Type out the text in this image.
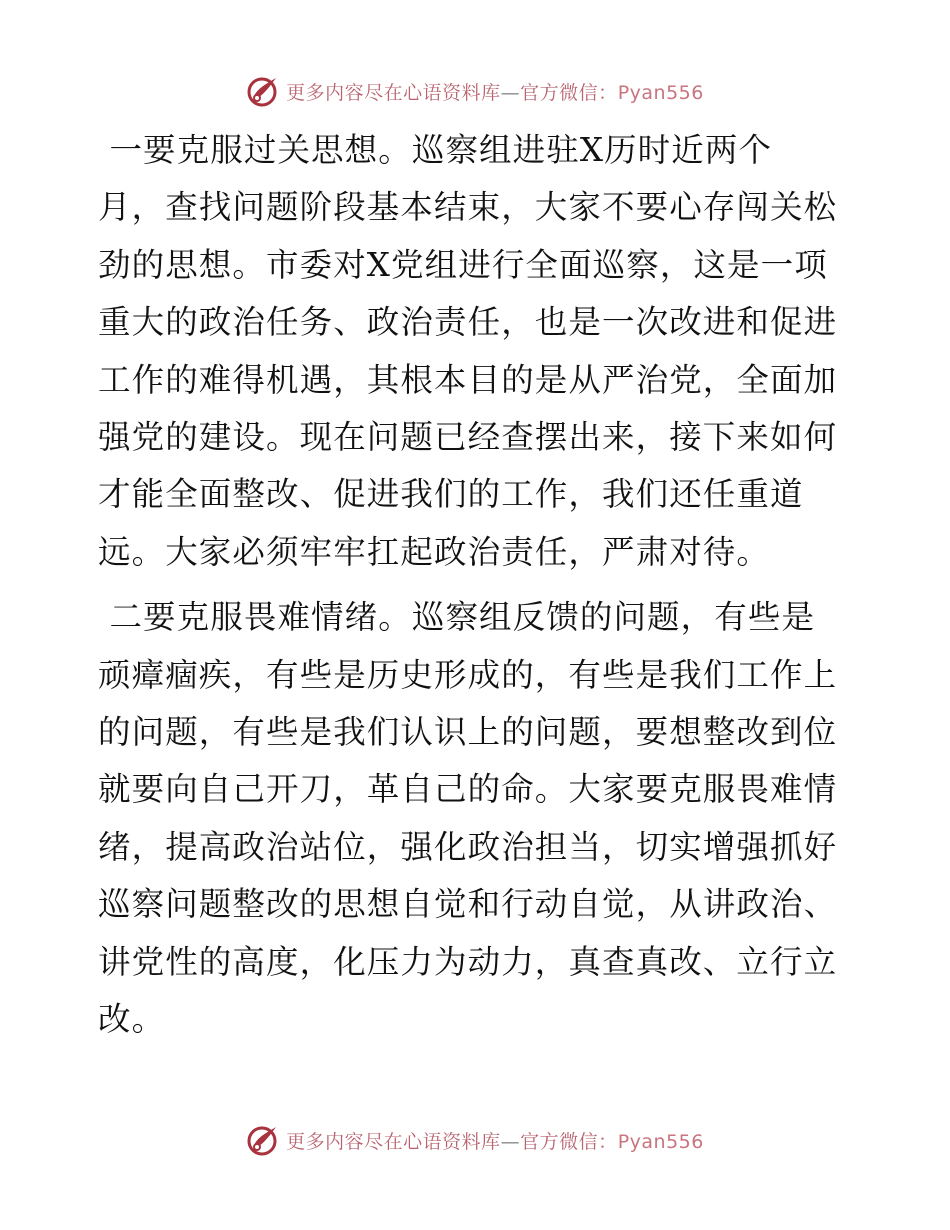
更多内容尽在心语资料库—官方微信：Pyan556

一要克服过关思想。巡察组进驻X历时近两个
月，查找问题阶段基本结束，大家不要心存闯关松
劲的思想。市委对X党组进行全面巡察，这是一项
重大的政治任务、政治责任，也是一次改进和促进
工作的难得机遇，其根本目的是从严治党，全面加
强党的建设。现在问题已经查摆出来，接下来如何
才能全面整改、促进我们的工作，我们还任重道
远。大家必须牢牢扛起政治责任，严肃对待。

二要克服畏难情绪。巡察组反馈的问题，有些是
顽瘴痼疾，有些是历史形成的，有些是我们工作上
的问题，有些是我们认识上的问题，要想整改到位
就要向自己开刀，革自己的命。大家要克服畏难情
绪，提高政治站位，强化政治担当，切实增强抓好
巡察问题整改的思想自觉和行动自觉，从讲政治、
讲党性的高度，化压力为动力，真查真改、立行立
改。

更多内容尽在心语资料库—官方微信：Pyan556
